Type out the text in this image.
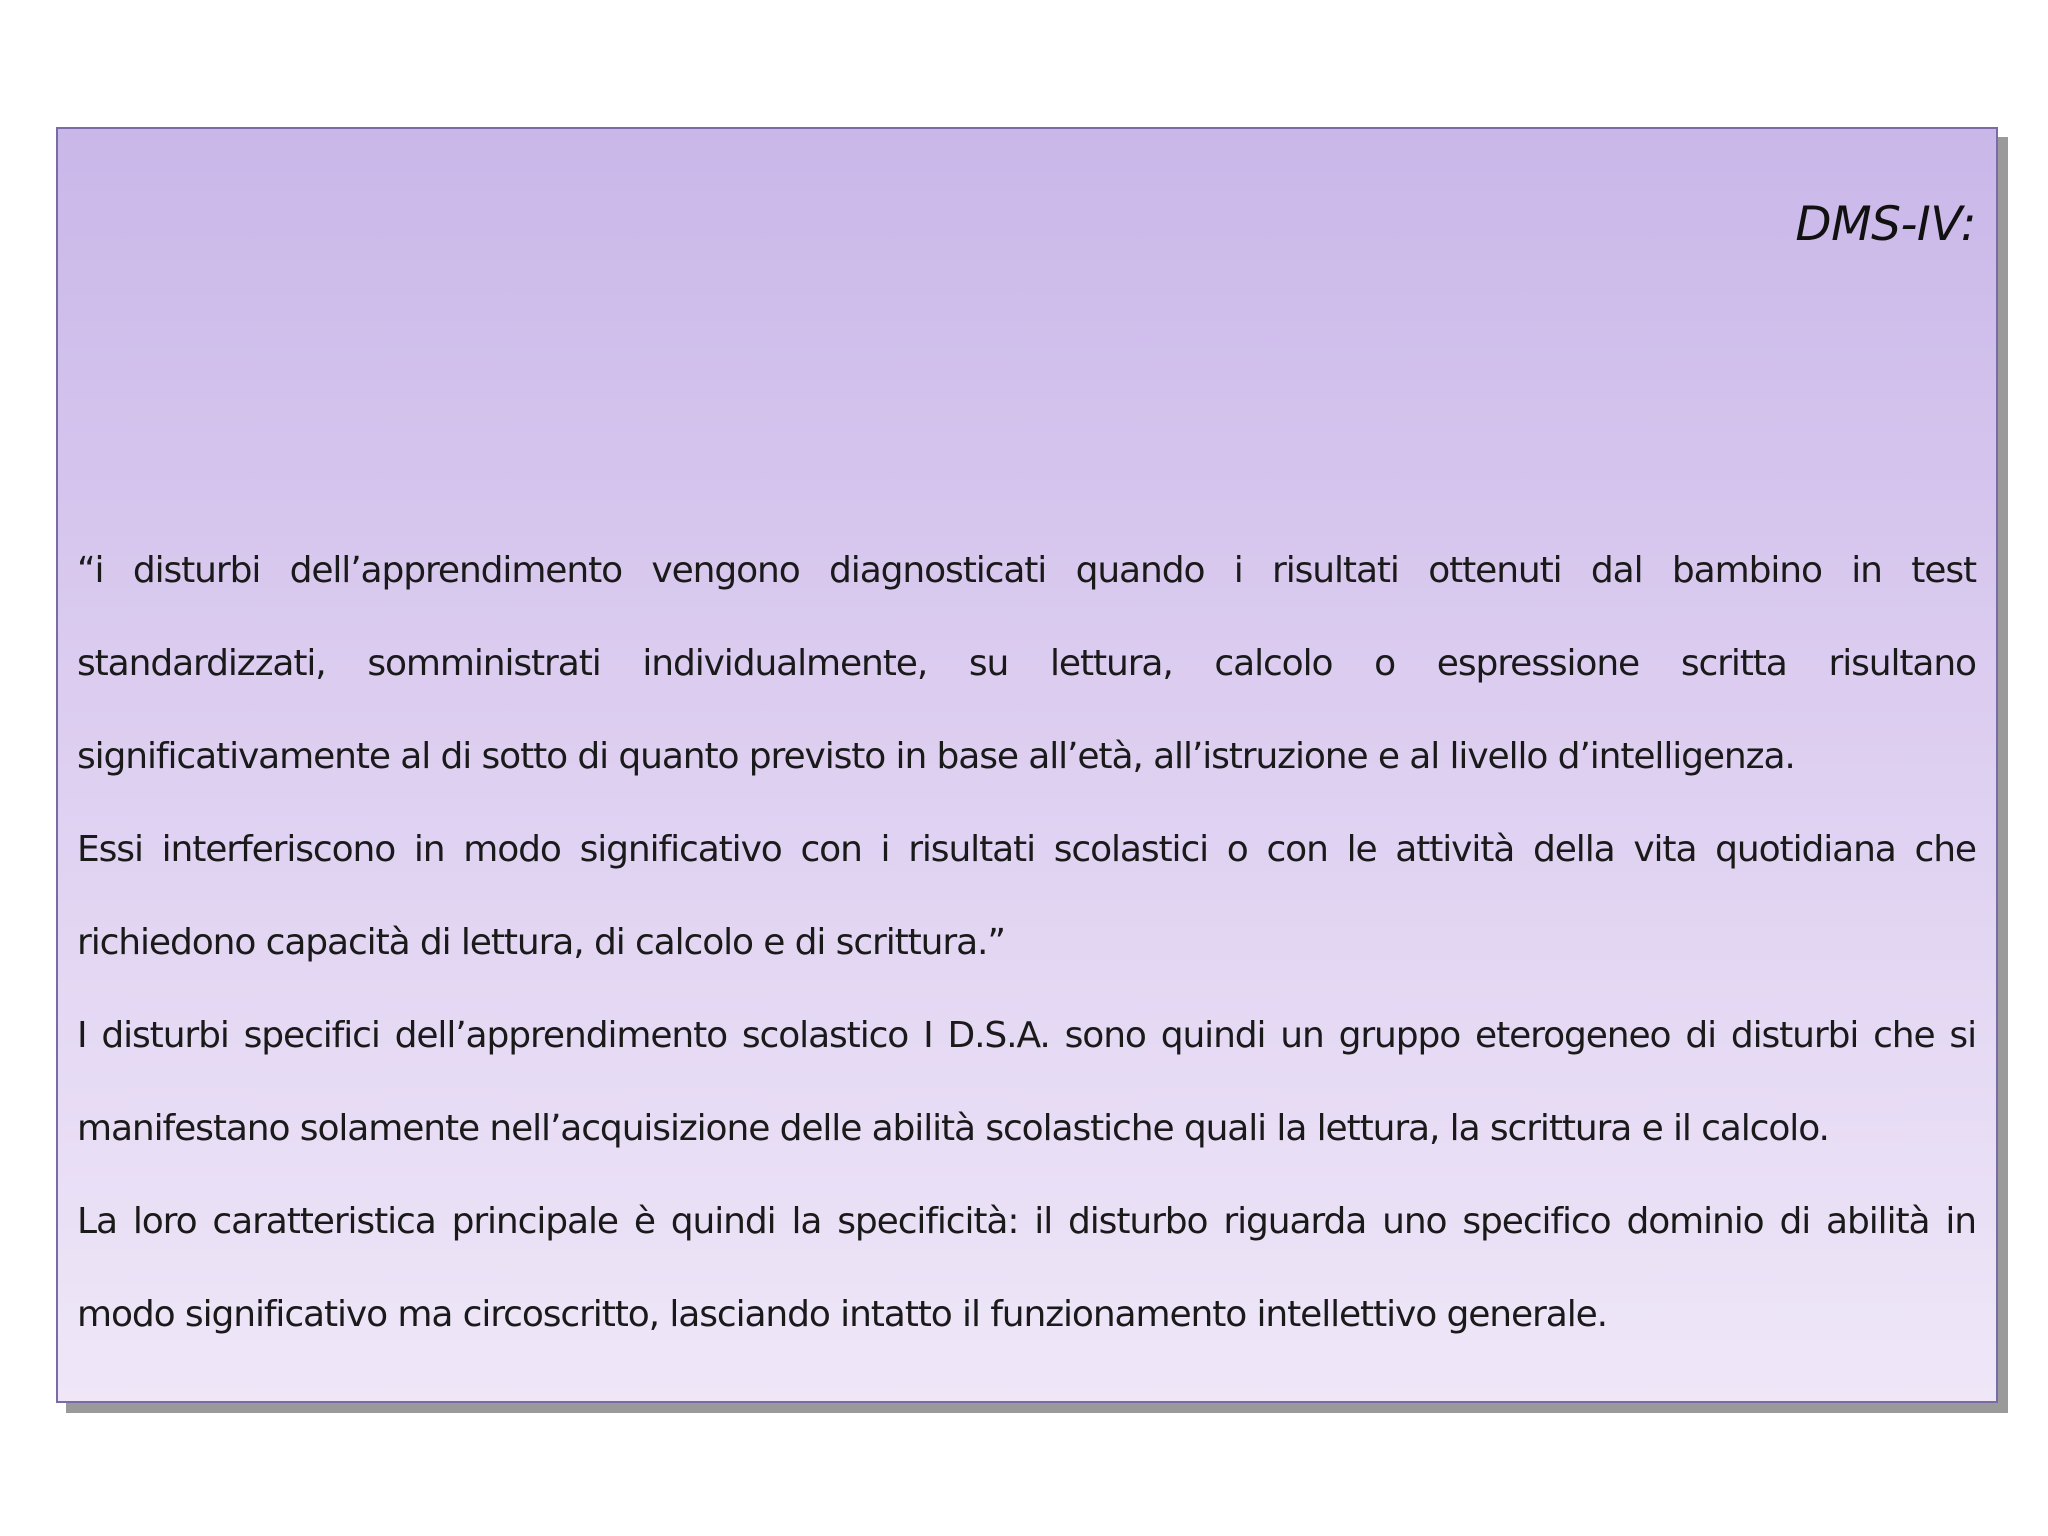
DMS-IV:

“i disturbi dell’apprendimento vengono diagnosticati quando i risultati ottenuti dal bambino in test standardizzati, somministrati individualmente, su lettura, calcolo o espressione scritta risultano significativamente al di sotto di quanto previsto in base all’età, all’istruzione e al livello d’intelligenza.

Essi interferiscono in modo significativo con i risultati scolastici o con le attività della vita quotidiana che richiedono capacità di lettura, di calcolo e di scrittura.”

I disturbi specifici dell’apprendimento scolastico I D.S.A. sono quindi un gruppo eterogeneo di disturbi che si manifestano solamente nell’acquisizione delle abilità scolastiche quali la lettura, la scrittura e il calcolo.

La loro caratteristica principale è quindi la specificità: il disturbo riguarda uno specifico dominio di abilità in modo significativo ma circoscritto, lasciando intatto il funzionamento intellettivo generale.
